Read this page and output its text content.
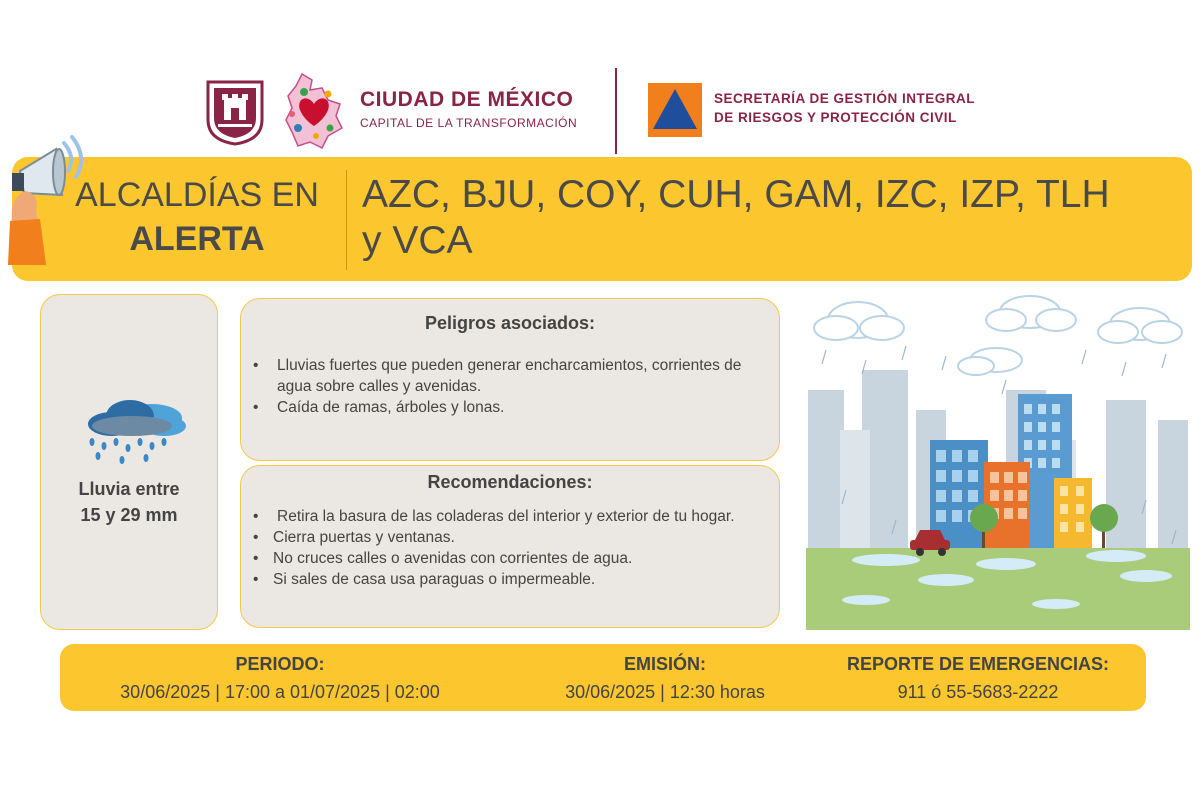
CIUDAD DE MÉXICO
CAPITAL DE LA TRANSFORMACIÓN
SECRETARÍA DE GESTIÓN INTEGRAL
DE RIESGOS Y PROTECCIÓN CIVIL
ALCALDÍAS EN
ALERTA
AZC, BJU, COY, CUH, GAM, IZC, IZP, TLH
y VCA
Lluvia entre
15 y 29 mm
Peligros asociados:
• Lluvias fuertes que pueden generar encharcamientos, corrientes de agua sobre calles y avenidas.
• Caída de ramas, árboles y lonas.
Recomendaciones:
• Retira la basura de las coladeras del interior y exterior de tu hogar.
• Cierra puertas y ventanas.
• No cruces calles o avenidas con corrientes de agua.
• Si sales de casa usa paraguas o impermeable.
PERIODO:
30/06/2025 | 17:00 a 01/07/2025 | 02:00
EMISIÓN:
30/06/2025 | 12:30 horas
REPORTE DE EMERGENCIAS:
911 ó 55-5683-2222
